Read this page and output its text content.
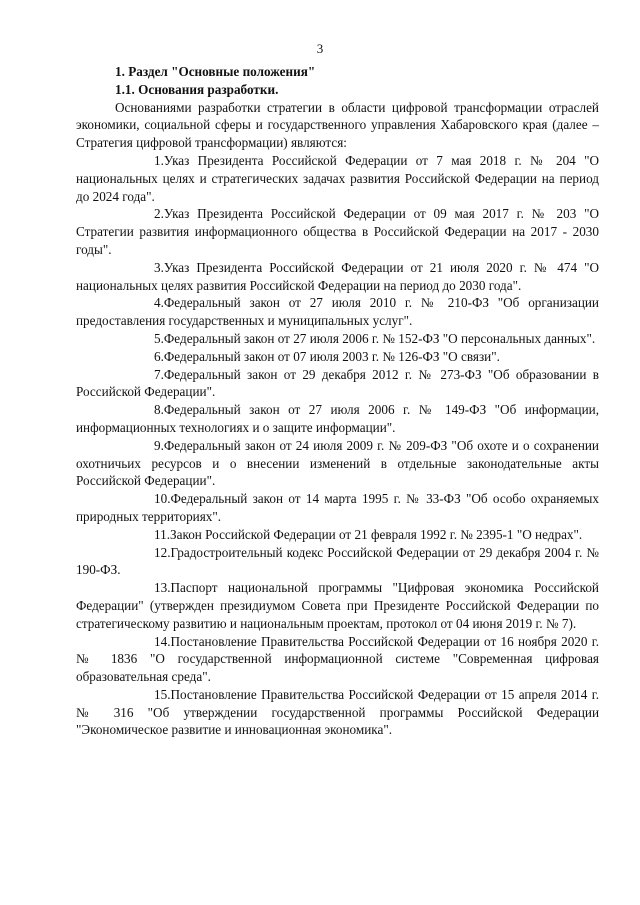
3

1. Раздел "Основные положения"

1.1. Основания разработки.

Основаниями разработки стратегии в области цифровой трансформации отраслей экономики, социальной сферы и государственного управления Хабаровского края (далее – Стратегия цифровой трансформации) являются:

1.Указ Президента Российской Федерации от 7 мая 2018 г. № 204 "О национальных целях и стратегических задачах развития Российской Федерации на период до 2024 года".

2.Указ Президента Российской Федерации от 09 мая 2017 г. № 203 "О Стратегии развития информационного общества в Российской Федерации на 2017 - 2030 годы".

3.Указ Президента Российской Федерации от 21 июля 2020 г. № 474 "О национальных целях развития Российской Федерации на период до 2030 года".

4.Федеральный закон от 27 июля 2010 г. № 210-ФЗ "Об организации предоставления государственных и муниципальных услуг".

5.Федеральный закон от 27 июля 2006 г. № 152-ФЗ "О персональных данных".

6.Федеральный закон от 07 июля 2003 г. № 126-ФЗ "О связи".

7.Федеральный закон от 29 декабря 2012 г. № 273-ФЗ "Об образовании в Российской Федерации".

8.Федеральный закон от 27 июля 2006 г. № 149-ФЗ "Об информации, информационных технологиях и о защите информации".

9.Федеральный закон от 24 июля 2009 г. № 209-ФЗ "Об охоте и о сохранении охотничьих ресурсов и о внесении изменений в отдельные законодательные акты Российской Федерации".

10.Федеральный закон от 14 марта 1995 г. № 33-ФЗ "Об особо охраняемых природных территориях".

11.Закон Российской Федерации от 21 февраля 1992 г. № 2395-1 "О недрах".

12.Градостроительный кодекс Российской Федерации от 29 декабря 2004 г. № 190-ФЗ.

13.Паспорт национальной программы "Цифровая экономика Российской Федерации" (утвержден президиумом Совета при Президенте Российской Федерации по стратегическому развитию и национальным проектам, протокол от 04 июня 2019 г. № 7).

14.Постановление Правительства Российской Федерации от 16 ноября 2020 г. № 1836 "О государственной информационной системе "Современная цифровая образовательная среда".

15.Постановление Правительства Российской Федерации от 15 апреля 2014 г. № 316 "Об утверждении государственной программы Российской Федерации "Экономическое развитие и инновационная экономика".
